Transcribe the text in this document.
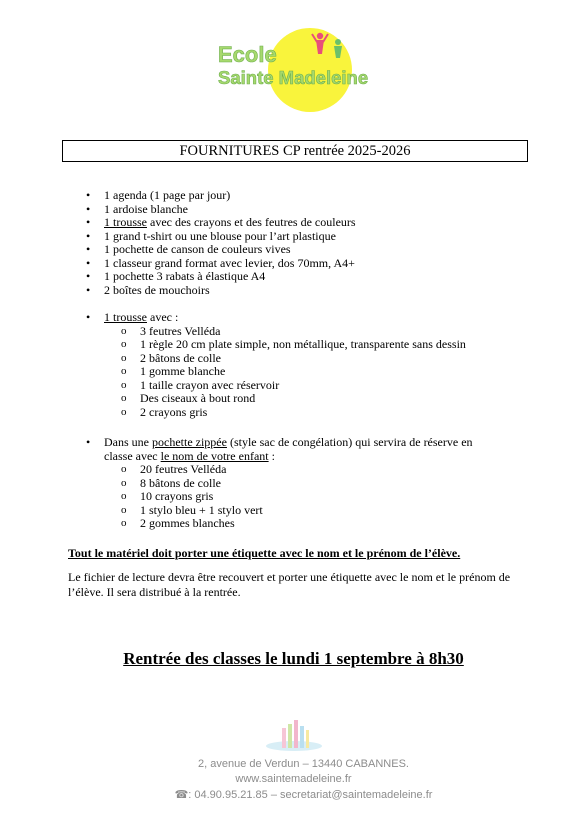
Ecole
Sainte Madeleine
FOURNITURES CP rentrée 2025-2026
• 1 agenda (1 page par jour)
• 1 ardoise blanche
• 1 trousse avec des crayons et des feutres de couleurs
• 1 grand t-shirt ou une blouse pour l’art plastique
• 1 pochette de canson de couleurs vives
• 1 classeur grand format avec levier, dos 70mm, A4+
• 1 pochette 3 rabats à élastique A4
• 2 boîtes de mouchoirs
• 1 trousse avec :
o 3 feutres Velléda
o 1 règle 20 cm plate simple, non métallique, transparente sans dessin
o 2 bâtons de colle
o 1 gomme blanche
o 1 taille crayon avec réservoir
o Des ciseaux à bout rond
o 2 crayons gris
• Dans une pochette zippée (style sac de congélation) qui servira de réserve en
classe avec le nom de votre enfant :
o 20 feutres Velléda
o 8 bâtons de colle
o 10 crayons gris
o 1 stylo bleu + 1 stylo vert
o 2 gommes blanches
Tout le matériel doit porter une étiquette avec le nom et le prénom de l’élève.
Le fichier de lecture devra être recouvert et porter une étiquette avec le nom et le prénom de l’élève. Il sera distribué à la rentrée.
Rentrée des classes le lundi 1 septembre à 8h30
2, avenue de Verdun – 13440 CABANNES.
www.saintemadeleine.fr
☎: 04.90.95.21.85 – secretariat@saintemadeleine.fr
